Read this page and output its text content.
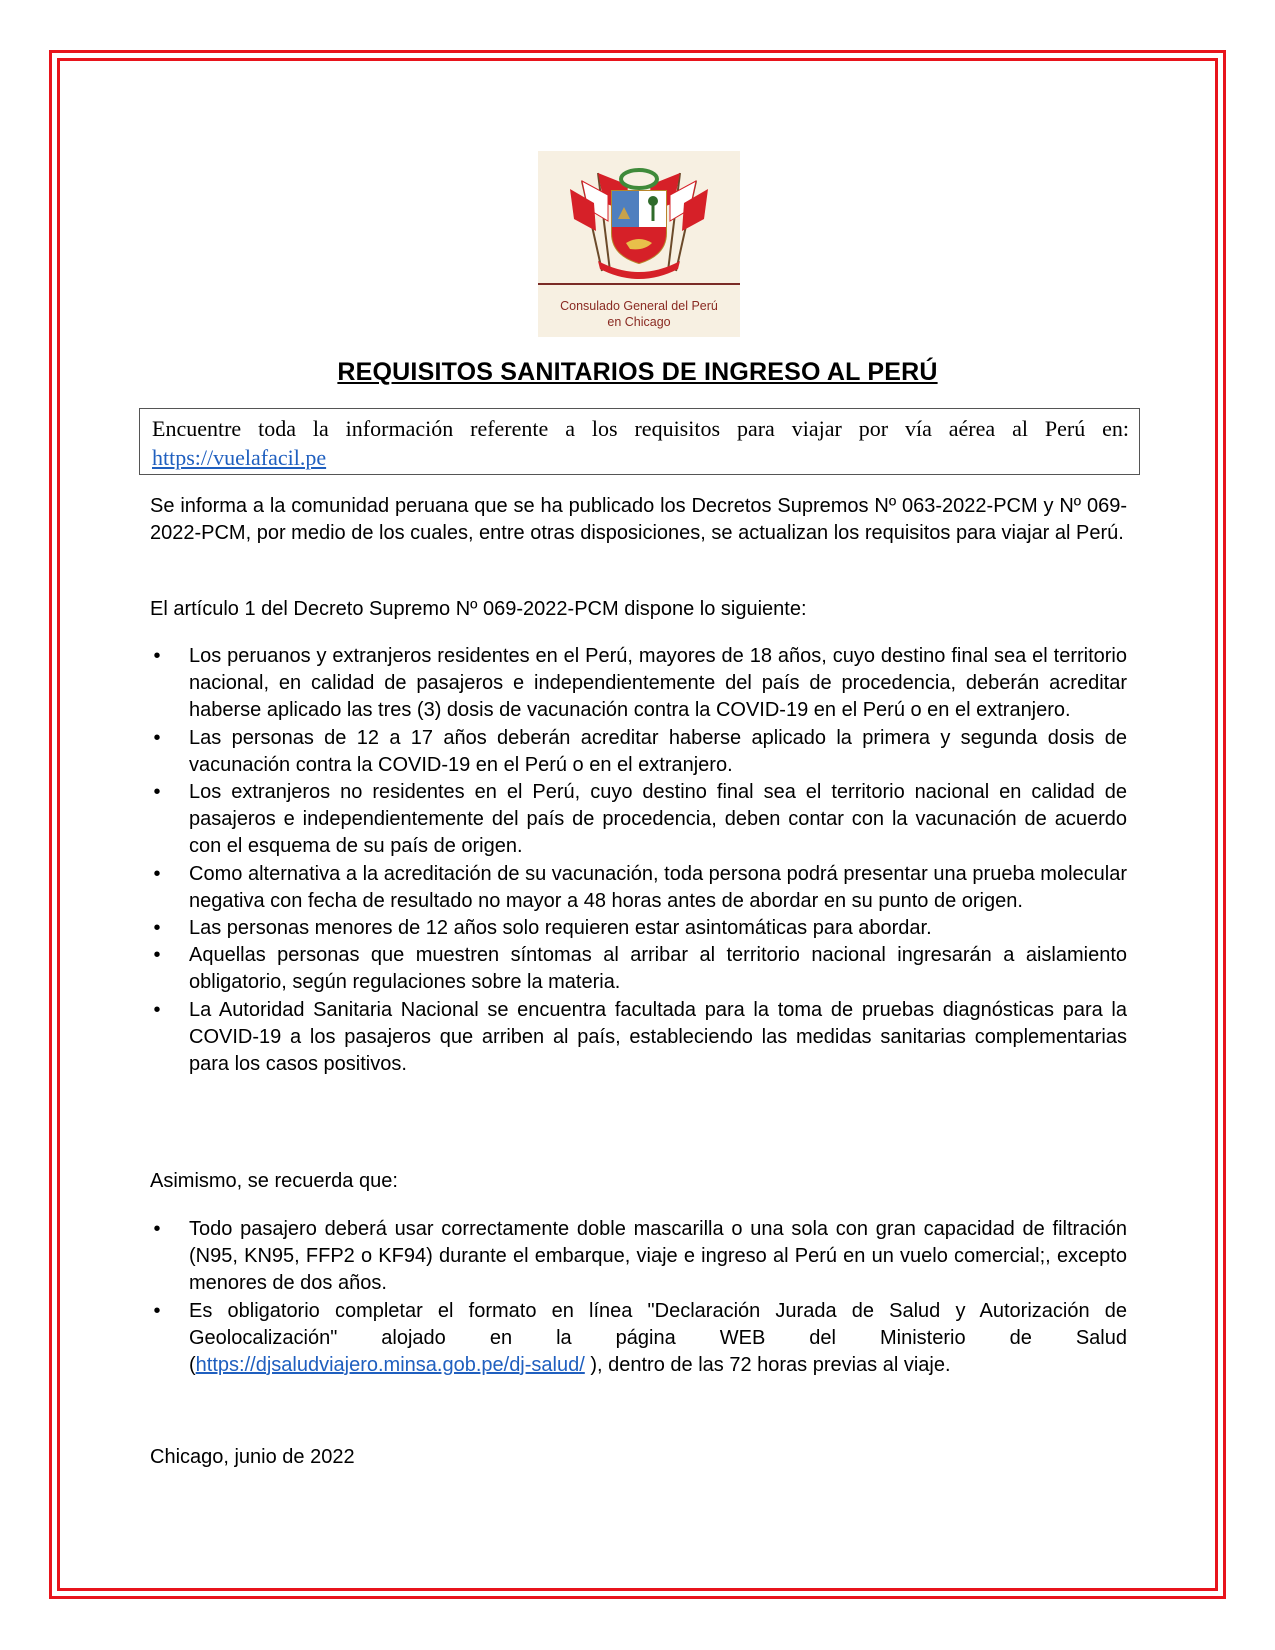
Consulado General del Perú
en Chicago
REQUISITOS SANITARIOS DE INGRESO AL PERÚ
Encuentre toda la información referente a los requisitos para viajar por vía aérea al Perú en: https://vuelafacil.pe
Se informa a la comunidad peruana que se ha publicado los Decretos Supremos Nº 063-2022-PCM y Nº 069-2022-PCM, por medio de los cuales, entre otras disposiciones, se actualizan los requisitos para viajar al Perú.
El artículo 1 del Decreto Supremo Nº 069-2022-PCM dispone lo siguiente:
• Los peruanos y extranjeros residentes en el Perú, mayores de 18 años, cuyo destino final sea el territorio nacional, en calidad de pasajeros e independientemente del país de procedencia, deberán acreditar haberse aplicado las tres (3) dosis de vacunación contra la COVID-19 en el Perú o en el extranjero.
• Las personas de 12 a 17 años deberán acreditar haberse aplicado la primera y segunda dosis de vacunación contra la COVID-19 en el Perú o en el extranjero.
• Los extranjeros no residentes en el Perú, cuyo destino final sea el territorio nacional en calidad de pasajeros e independientemente del país de procedencia, deben contar con la vacunación de acuerdo con el esquema de su país de origen.
• Como alternativa a la acreditación de su vacunación, toda persona podrá presentar una prueba molecular negativa con fecha de resultado no mayor a 48 horas antes de abordar en su punto de origen.
• Las personas menores de 12 años solo requieren estar asintomáticas para abordar.
• Aquellas personas que muestren síntomas al arribar al territorio nacional ingresarán a aislamiento obligatorio, según regulaciones sobre la materia.
• La Autoridad Sanitaria Nacional se encuentra facultada para la toma de pruebas diagnósticas para la COVID-19 a los pasajeros que arriben al país, estableciendo las medidas sanitarias complementarias para los casos positivos.
Asimismo, se recuerda que:
• Todo pasajero deberá usar correctamente doble mascarilla o una sola con gran capacidad de filtración (N95, KN95, FFP2 o KF94) durante el embarque, viaje e ingreso al Perú en un vuelo comercial;, excepto menores de dos años.
• Es obligatorio completar el formato en línea "Declaración Jurada de Salud y Autorización de Geolocalización" alojado en la página WEB del Ministerio de Salud (https://djsaludviajero.minsa.gob.pe/dj-salud/ ), dentro de las 72 horas previas al viaje.
Chicago, junio de 2022
